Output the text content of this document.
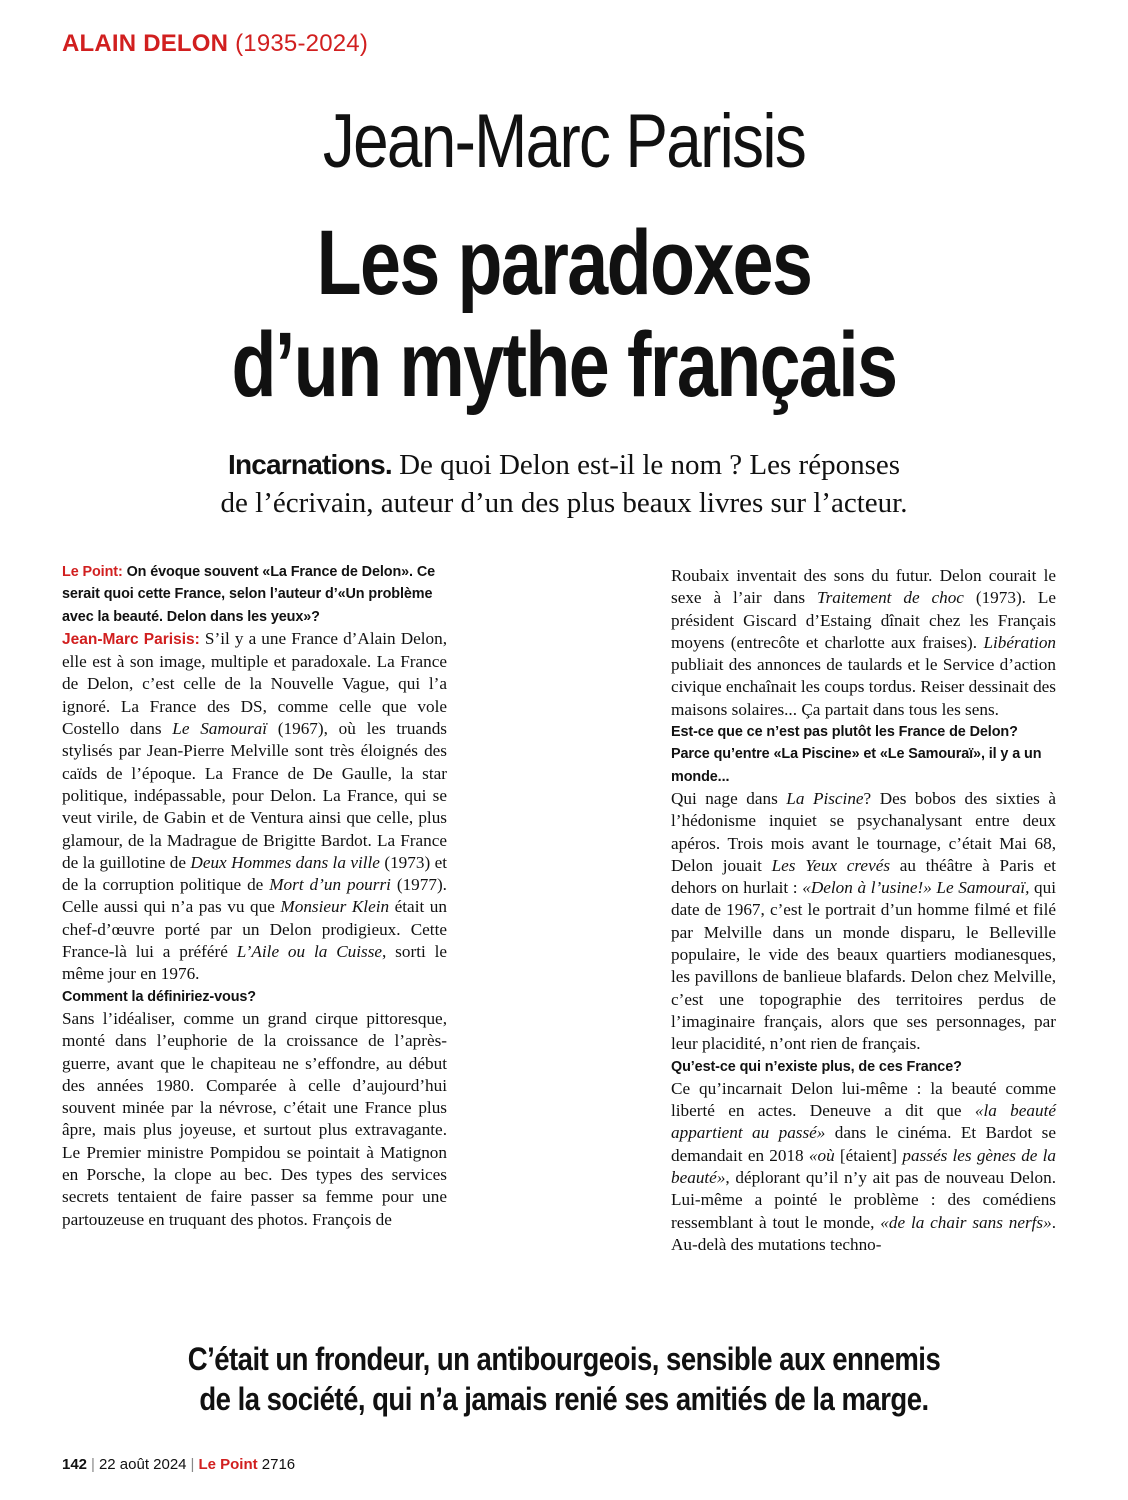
ALAIN DELON (1935-2024)
Jean-Marc Parisis
Les paradoxes
d’un mythe français
Incarnations. De quoi Delon est-il le nom ? Les réponses
de l’écrivain, auteur d’un des plus beaux livres sur l’acteur.

Le Point: On évoque souvent «La France de Delon». Ce serait quoi cette France, selon l’auteur d’«Un problème avec la beauté. Delon dans les yeux»?

Jean-Marc Parisis: S’il y a une France d’Alain Delon, elle est à son image, multiple et paradoxale. La France de Delon, c’est celle de la Nouvelle Vague, qui l’a ignoré. La France des DS, comme celle que vole Costello dans Le Samouraï (1967), où les truands stylisés par Jean-Pierre Melville sont très éloignés des caïds de l’époque. La France de De Gaulle, la star politique, indépassable, pour Delon. La France, qui se veut virile, de Gabin et de Ventura ainsi que celle, plus glamour, de la Madrague de Brigitte Bardot. La France de la guillotine de Deux Hommes dans la ville (1973) et de la corruption politique de Mort d’un pourri (1977). Celle aussi qui n’a pas vu que Monsieur Klein était un chef-d’œuvre porté par un Delon prodigieux. Cette France-là lui a préféré L’Aile ou la Cuisse, sorti le même jour en 1976.

Comment la définiriez-vous?

Sans l’idéaliser, comme un grand cirque pittoresque, monté dans l’euphorie de la croissance de l’après-guerre, avant que le chapiteau ne s’effondre, au début des années 1980. Comparée à celle d’aujourd’hui souvent minée par la névrose, c’était une France plus âpre, mais plus joyeuse, et surtout plus extravagante. Le Premier ministre Pompidou se pointait à Matignon en Porsche, la clope au bec. Des types des services secrets tentaient de faire passer sa femme pour une partouzeuse en truquant des photos. François de

Roubaix inventait des sons du futur. Delon courait le sexe à l’air dans Traitement de choc (1973). Le président Giscard d’Estaing dînait chez les Français moyens (entrecôte et charlotte aux fraises). Libération publiait des annonces de taulards et le Service d’action civique enchaînait les coups tordus. Reiser dessinait des maisons solaires... Ça partait dans tous les sens.

Est-ce que ce n’est pas plutôt les France de Delon? Parce qu’entre «La Piscine» et «Le Samouraï», il y a un monde...

Qui nage dans La Piscine? Des bobos des sixties à l’hédonisme inquiet se psychanalysant entre deux apéros. Trois mois avant le tournage, c’était Mai 68, Delon jouait Les Yeux crevés au théâtre à Paris et dehors on hurlait : «Delon à l’usine!» Le Samouraï, qui date de 1967, c’est le portrait d’un homme filmé et filé par Melville dans un monde disparu, le Belleville populaire, le vide des beaux quartiers modianesques, les pavillons de banlieue blafards. Delon chez Melville, c’est une topographie des territoires perdus de l’imaginaire français, alors que ses personnages, par leur placidité, n’ont rien de français.

Qu’est-ce qui n’existe plus, de ces France?

Ce qu’incarnait Delon lui-même : la beauté comme liberté en actes. Deneuve a dit que «la beauté appartient au passé» dans le cinéma. Et Bardot se demandait en 2018 «où [étaient] passés les gènes de la beauté», déplorant qu’il n’y ait pas de nouveau Delon. Lui-même a pointé le problème : des comédiens ressemblant à tout le monde, «de la chair sans nerfs». Au-delà des mutations techno-

C’était un frondeur, un antibourgeois, sensible aux ennemis
de la société, qui n’a jamais renié ses amitiés de la marge.
142 | 22 août 2024 | Le Point 2716
